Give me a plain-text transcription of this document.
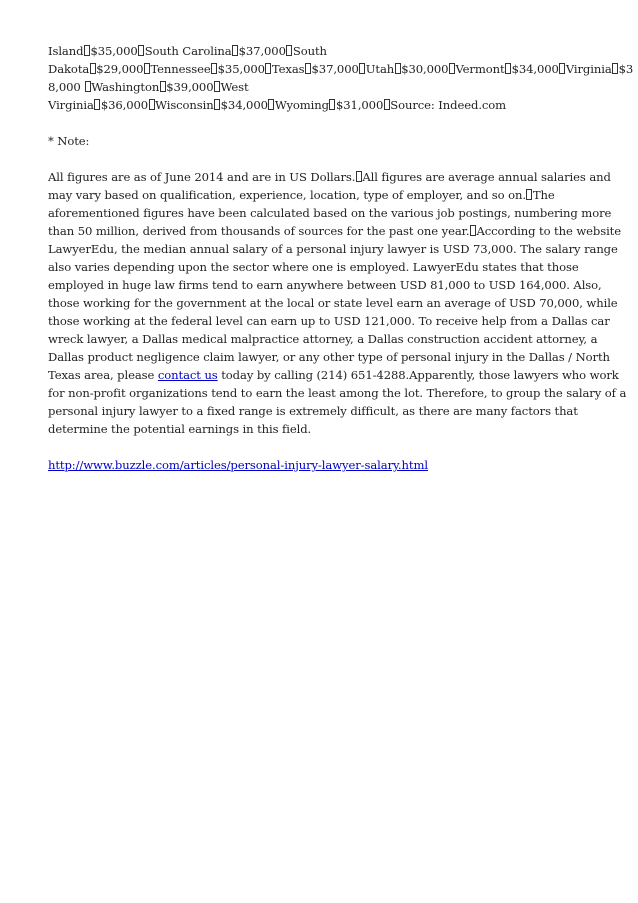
Island $35,000 South Carolina $37,000 South
Dakota $29,000 Tennessee $35,000 Texas $37,000 Utah $30,000 Vermont $34,000 Virginia $3
8,000 Washington $39,000 West
Virginia $36,000 Wisconsin $34,000 Wyoming $31,000 Source: Indeed.com
* Note:
All figures are as of June 2014 and are in US Dollars. All figures are average annual salaries and
may vary based on qualification, experience, location, type of employer, and so on. The
aforementioned figures have been calculated based on the various job postings, numbering more
than 50 million, derived from thousands of sources for the past one year. According to the website
LawyerEdu, the median annual salary of a personal injury lawyer is USD 73,000. The salary range
also varies depending upon the sector where one is employed. LawyerEdu states that those
employed in huge law firms tend to earn anywhere between USD 81,000 to USD 164,000. Also,
those working for the government at the local or state level earn an average of USD 70,000, while
those working at the federal level can earn up to USD 121,000. To receive help from a Dallas car
wreck lawyer, a Dallas medical malpractice attorney, a Dallas construction accident attorney, a
Dallas product negligence claim lawyer, or any other type of personal injury in the Dallas / North
Texas area, please contact us today by calling (214) 651-4288.Apparently, those lawyers who work
for non-profit organizations tend to earn the least among the lot. Therefore, to group the salary of a
personal injury lawyer to a fixed range is extremely difficult, as there are many factors that
determine the potential earnings in this field.
http://www.buzzle.com/articles/personal-injury-lawyer-salary.html
